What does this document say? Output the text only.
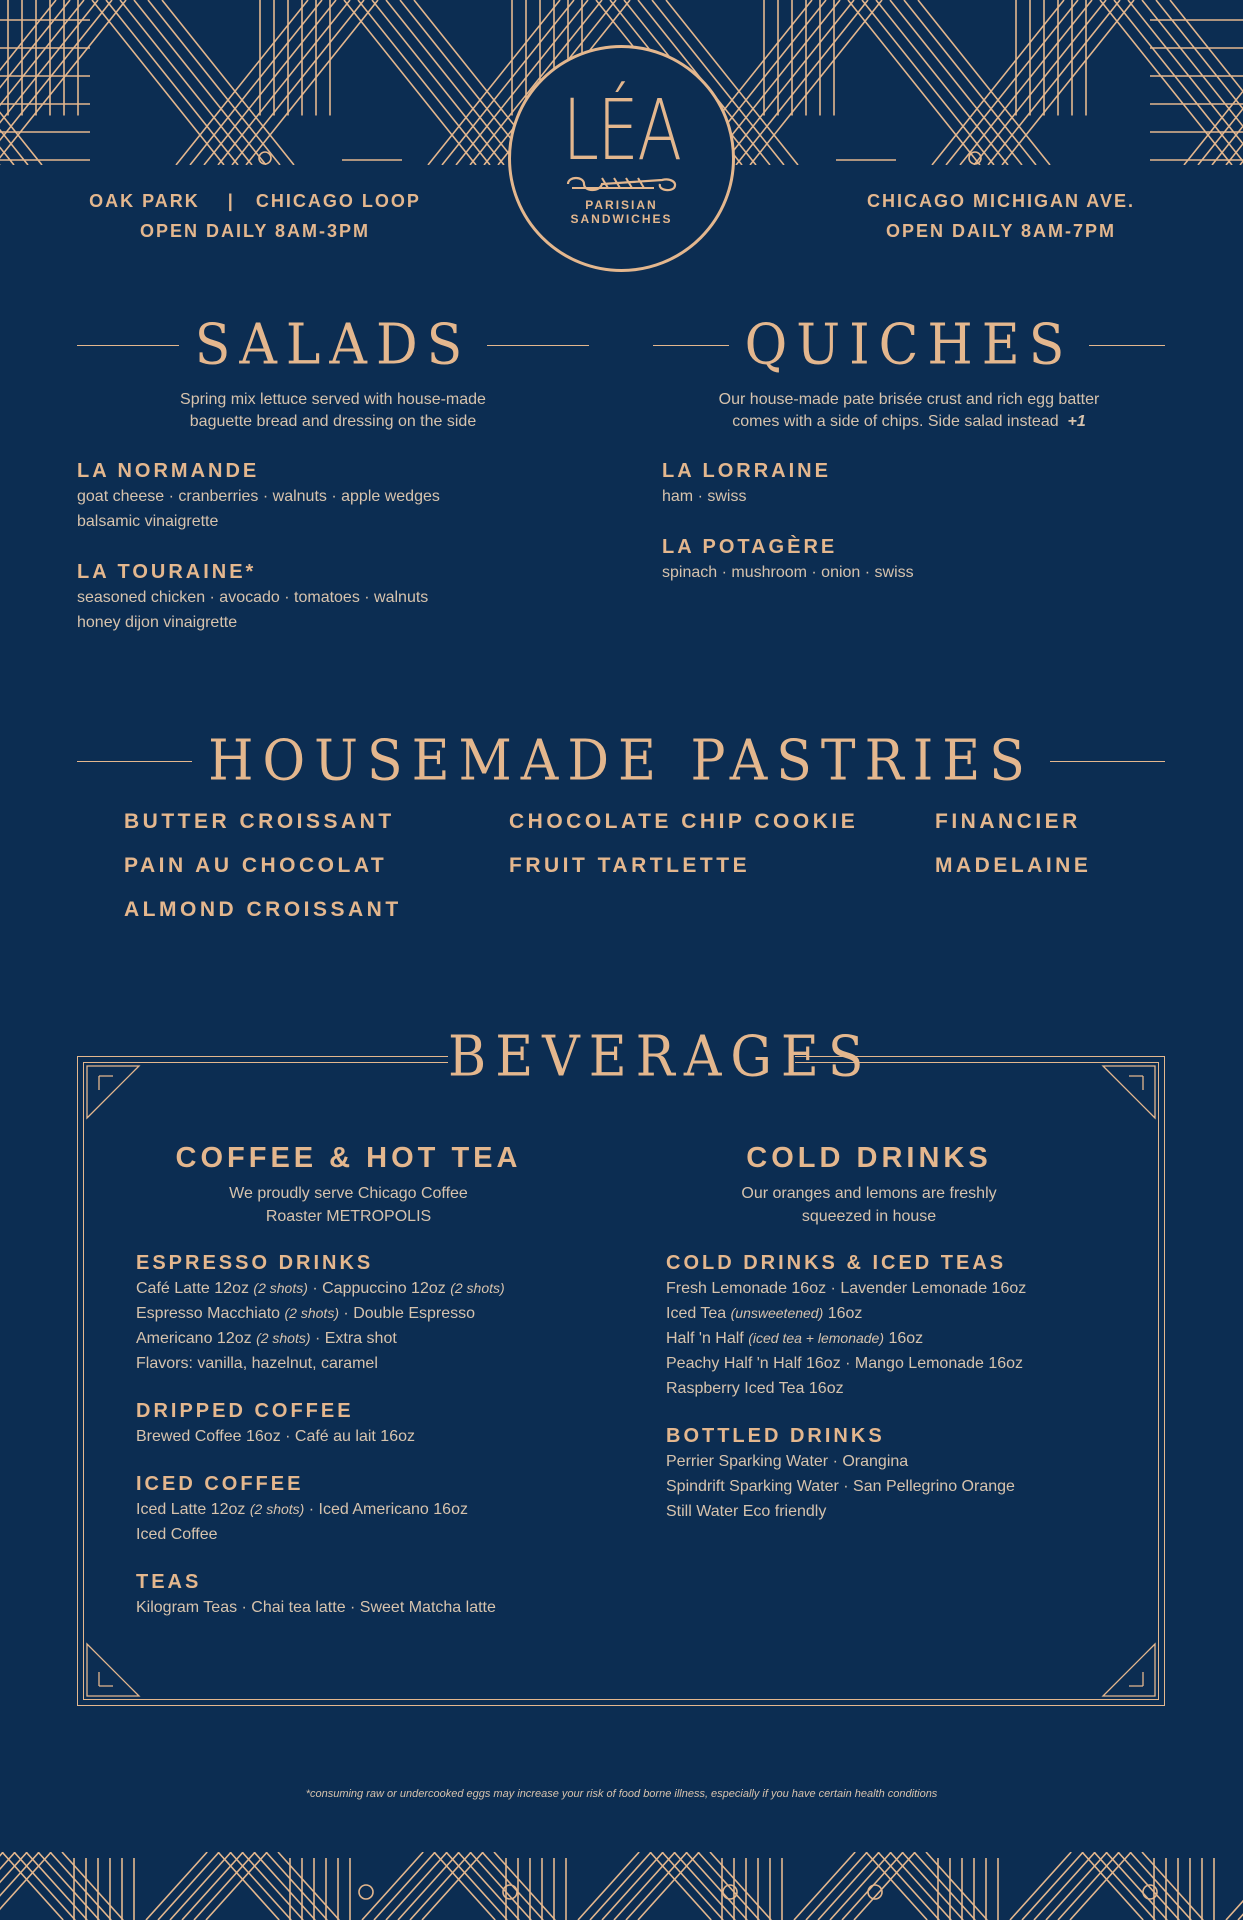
LÉA
PARISIAN
SANDWICHES
OAK PARK    |   CHICAGO LOOP
OPEN DAILY 8AM-3PM
CHICAGO MICHIGAN AVE.
OPEN DAILY 8AM-7PM
SALADS
Spring mix lettuce served with house-made
baguette bread and dressing on the side
LA NORMANDE
goat cheese · cranberries · walnuts · apple wedges
balsamic vinaigrette
LA TOURAINE*
seasoned chicken · avocado · tomatoes · walnuts
honey dijon vinaigrette
QUICHES
Our house-made pate brisée crust and rich egg batter
comes with a side of chips. Side salad instead +1
LA LORRAINE
ham · swiss
LA POTAGÈRE
spinach · mushroom · onion · swiss
HOUSEMADE PASTRIES
BUTTER CROISSANT
PAIN AU CHOCOLAT
ALMOND CROISSANT
CHOCOLATE CHIP COOKIE
FRUIT TARTLETTE
FINANCIER
MADELAINE
BEVERAGES
COFFEE & HOT TEA
We proudly serve Chicago Coffee
Roaster METROPOLIS
ESPRESSO DRINKS
Café Latte 12oz (2 shots) · Cappuccino 12oz (2 shots)
Espresso Macchiato (2 shots) · Double Espresso
Americano 12oz (2 shots) · Extra shot
Flavors: vanilla, hazelnut, caramel
DRIPPED COFFEE
Brewed Coffee 16oz · Café au lait 16oz
ICED COFFEE
Iced Latte 12oz (2 shots) · Iced Americano 16oz
Iced Coffee
TEAS
Kilogram Teas · Chai tea latte · Sweet Matcha latte
COLD DRINKS
Our oranges and lemons are freshly
squeezed in house
COLD DRINKS & ICED TEAS
Fresh Lemonade 16oz · Lavender Lemonade 16oz
Iced Tea (unsweetened) 16oz
Half 'n Half (iced tea + lemonade) 16oz
Peachy Half 'n Half 16oz · Mango Lemonade 16oz
Raspberry Iced Tea 16oz
BOTTLED DRINKS
Perrier Sparking Water · Orangina
Spindrift Sparking Water · San Pellegrino Orange
Still Water Eco friendly
*consuming raw or undercooked eggs may increase your risk of food borne illness, especially if you have certain health conditions
